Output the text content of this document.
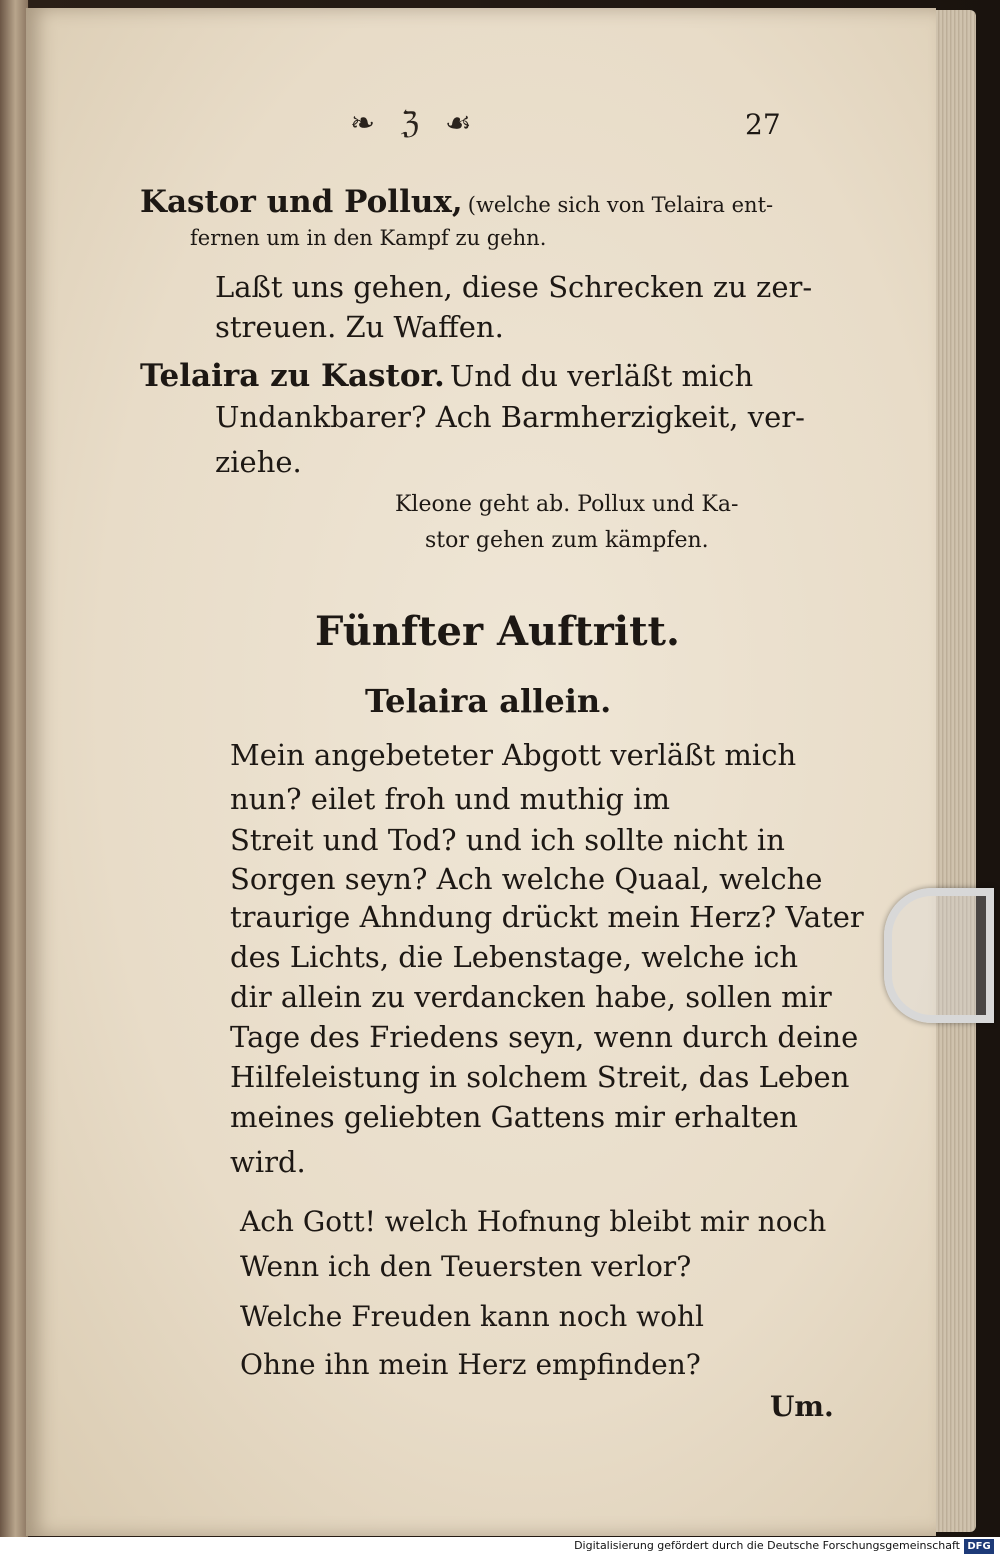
❧ ℨ ☙	27
Kastor und Pollux, (welche sich von Telaira ent-
fernen um in den Kampf zu gehn.
Laßt uns gehen, diese Schrecken zu zer-
streuen. Zu Waffen.
Telaira zu Kastor. Und du verläßt mich
Undankbarer? Ach Barmherzigkeit, ver-
ziehe.
Kleone geht ab. Pollux und Ka-
stor gehen zum kämpfen.
Fünfter Auftritt.
Telaira allein.
Mein angebeteter Abgott verläßt mich
nun? eilet froh und muthig im
Streit und Tod? und ich sollte nicht in
Sorgen seyn? Ach welche Quaal, welche
traurige Ahndung drückt mein Herz? Vater
des Lichts, die Lebenstage, welche ich
dir allein zu verdancken habe, sollen mir
Tage des Friedens seyn, wenn durch deine
Hilfeleistung in solchem Streit, das Leben
meines geliebten Gattens mir erhalten
wird.
Ach Gott! welch Hofnung bleibt mir noch
Wenn ich den Teuersten verlor?
Welche Freuden kann noch wohl
Ohne ihn mein Herz empfinden?
Um.
Digitalisierung gefördert durch die Deutsche Forschungsgemeinschaft DFG
